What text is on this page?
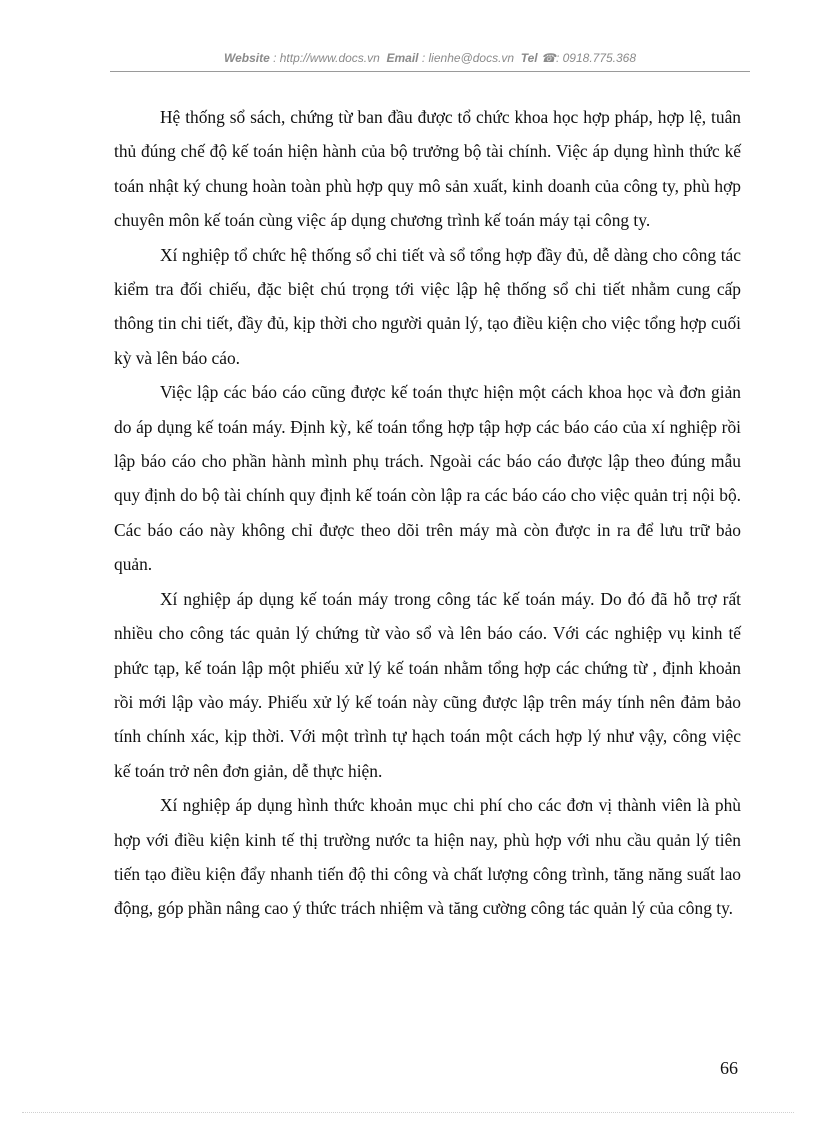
Website : http://www.docs.vn Email : lienhe@docs.vn Tel ☎: 0918.775.368

Hệ thống sổ sách, chứng từ ban đầu được tổ chức khoa học hợp pháp, hợp lệ, tuân thủ đúng chế độ kế toán hiện hành của bộ trưởng bộ tài chính. Việc áp dụng hình thức kế toán nhật ký chung hoàn toàn phù hợp quy mô sản xuất, kinh doanh của công ty, phù hợp chuyên môn kế toán cùng việc áp dụng chương trình kế toán máy tại công ty.

Xí nghiệp tổ chức hệ thống sổ chi tiết và sổ tổng hợp đầy đủ, dễ dàng cho công tác kiểm tra đối chiếu, đặc biệt chú trọng tới việc lập hệ thống sổ chi tiết nhằm cung cấp thông tin chi tiết, đầy đủ, kịp thời cho người quản lý, tạo điều kiện cho việc tổng hợp cuối kỳ và lên báo cáo.

Việc lập các báo cáo cũng được kế toán thực hiện một cách khoa học và đơn giản do áp dụng kế toán máy. Định kỳ, kế toán tổng hợp tập hợp các báo cáo của xí nghiệp rồi lập báo cáo cho phần hành mình phụ trách. Ngoài các báo cáo được lập theo đúng mẫu quy định do bộ tài chính quy định kế toán còn lập ra các báo cáo cho việc quản trị nội bộ. Các báo cáo này không chỉ được theo dõi trên máy mà còn được in ra để lưu trữ bảo quản.

Xí nghiệp áp dụng kế toán máy trong công tác kế toán máy. Do đó đã hỗ trợ rất nhiều cho công tác quản lý chứng từ vào sổ và lên báo cáo. Với các nghiệp vụ kinh tế phức tạp, kế toán lập một phiếu xử lý kế toán nhằm tổng hợp các chứng từ , định khoản rồi mới lập vào máy. Phiếu xử lý kế toán này cũng được lập trên máy tính nên đảm bảo tính chính xác, kịp thời. Với một trình tự hạch toán một cách hợp lý như vậy, công việc kế toán trở nên đơn giản, dễ thực hiện.

Xí nghiệp áp dụng hình thức khoản mục chi phí cho các đơn vị thành viên là phù hợp với điều kiện kinh tế thị trường nước ta hiện nay, phù hợp với nhu cầu quản lý tiên tiến tạo điều kiện đẩy nhanh tiến độ thi công và chất lượng công trình, tăng năng suất lao động, góp phần nâng cao ý thức trách nhiệm và tăng cường công tác quản lý của công ty.

66
